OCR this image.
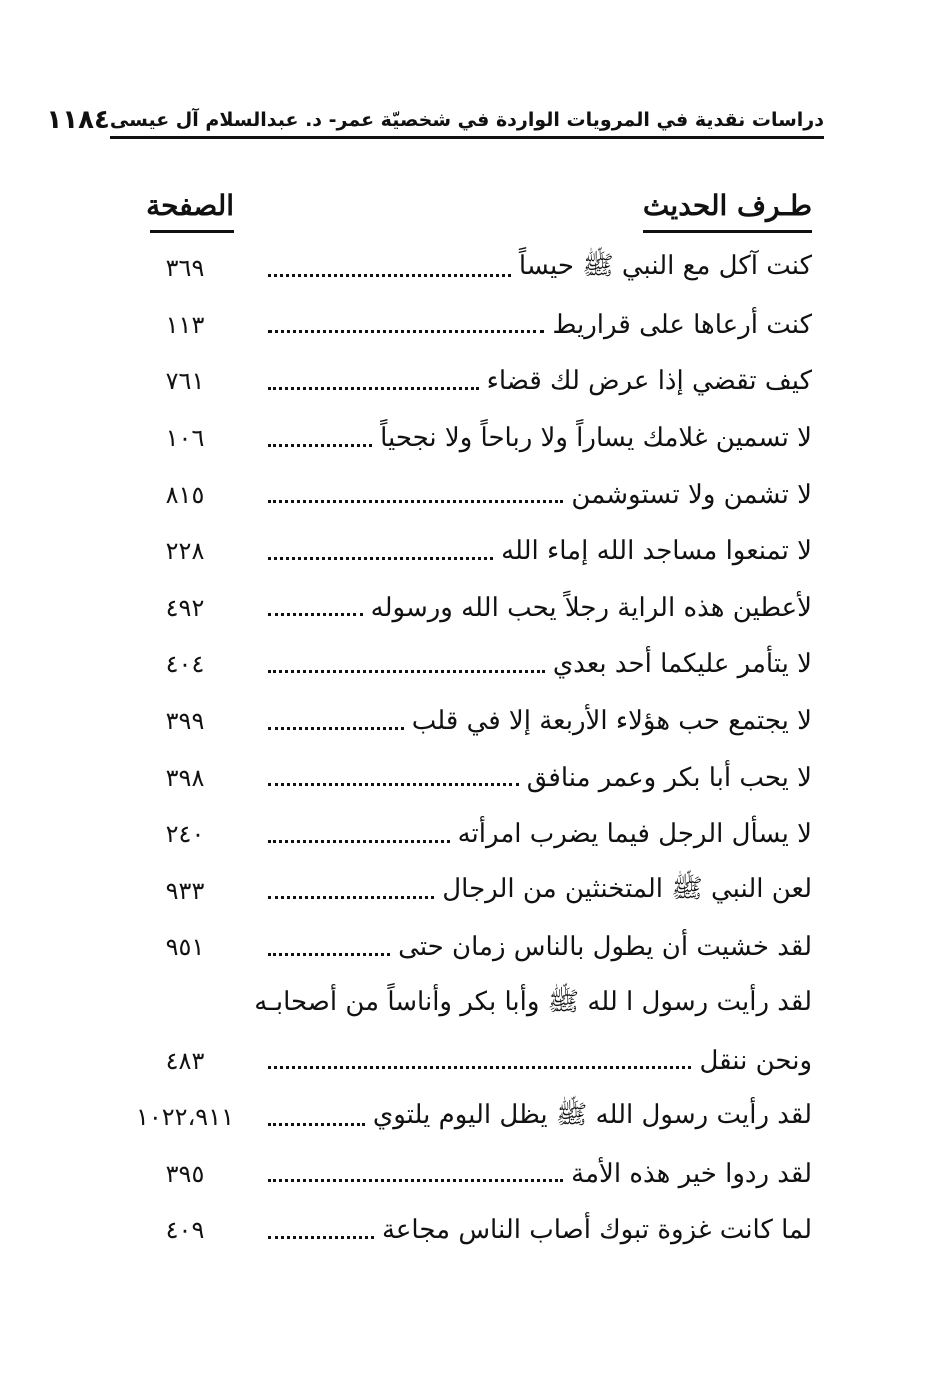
دراسات نقدية في المرويات الواردة في شخصيّة عمر- د. عبدالسلام آل عيسى
١١٨٤
طـرف الحديث
الصفحة
كنت آكل مع النبي ﷺ حيساً
٣٦٩
كنت أرعاها على قراريط
١١٣
كيف تقضي إذا عرض لك قضاء
٧٦١
لا تسمين غلامك يساراً ولا رباحاً ولا نجحياً
١٠٦
لا تشمن ولا تستوشمن
٨١٥
لا تمنعوا مساجد الله إماء الله
٢٢٨
لأعطين هذه الراية رجلاً يحب الله ورسوله
٤٩٢
لا يتأمر عليكما أحد بعدي
٤٠٤
لا يجتمع حب هؤلاء الأربعة إلا في قلب
٣٩٩
لا يحب أبا بكر وعمر منافق
٣٩٨
لا يسأل الرجل فيما يضرب امرأته
٢٤٠
لعن النبي ﷺ المتخنثين من الرجال
٩٣٣
لقد خشيت أن يطول بالناس زمان حتى
٩٥١
لقد رأيت رسول ا لله ﷺ وأبا بكر وأناساً من أصحابـه
ونحن ننقل
٤٨٣
لقد رأيت رسول الله ﷺ يظل اليوم يلتوي
١٠٢٢،٩١١
لقد ردوا خير هذه الأمة
٣٩٥
لما كانت غزوة تبوك أصاب الناس مجاعة
٤٠٩
